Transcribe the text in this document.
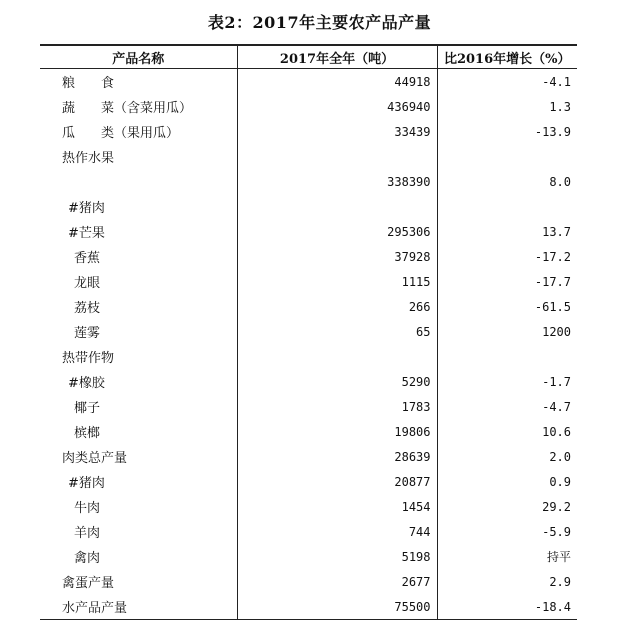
表2：2017年主要农产品产量
产品名称	2017年全年（吨）	比2016年增长（%）
粮　　食	44918	-4.1
蔬　　菜（含菜用瓜）	436940	1.3
瓜　　类（果用瓜）	33439	-13.9
热作水果		
	338390	8.0
#猪肉		
#芒果	295306	13.7
香蕉	37928	-17.2
龙眼	1115	-17.7
荔枝	266	-61.5
莲雾	65	1200
热带作物		
#橡胶	5290	-1.7
椰子	1783	-4.7
槟榔	19806	10.6
肉类总产量	28639	2.0
#猪肉	20877	0.9
牛肉	1454	29.2
羊肉	744	-5.9
禽肉	5198	持平
禽蛋产量	2677	2.9
水产品产量	75500	-18.4
